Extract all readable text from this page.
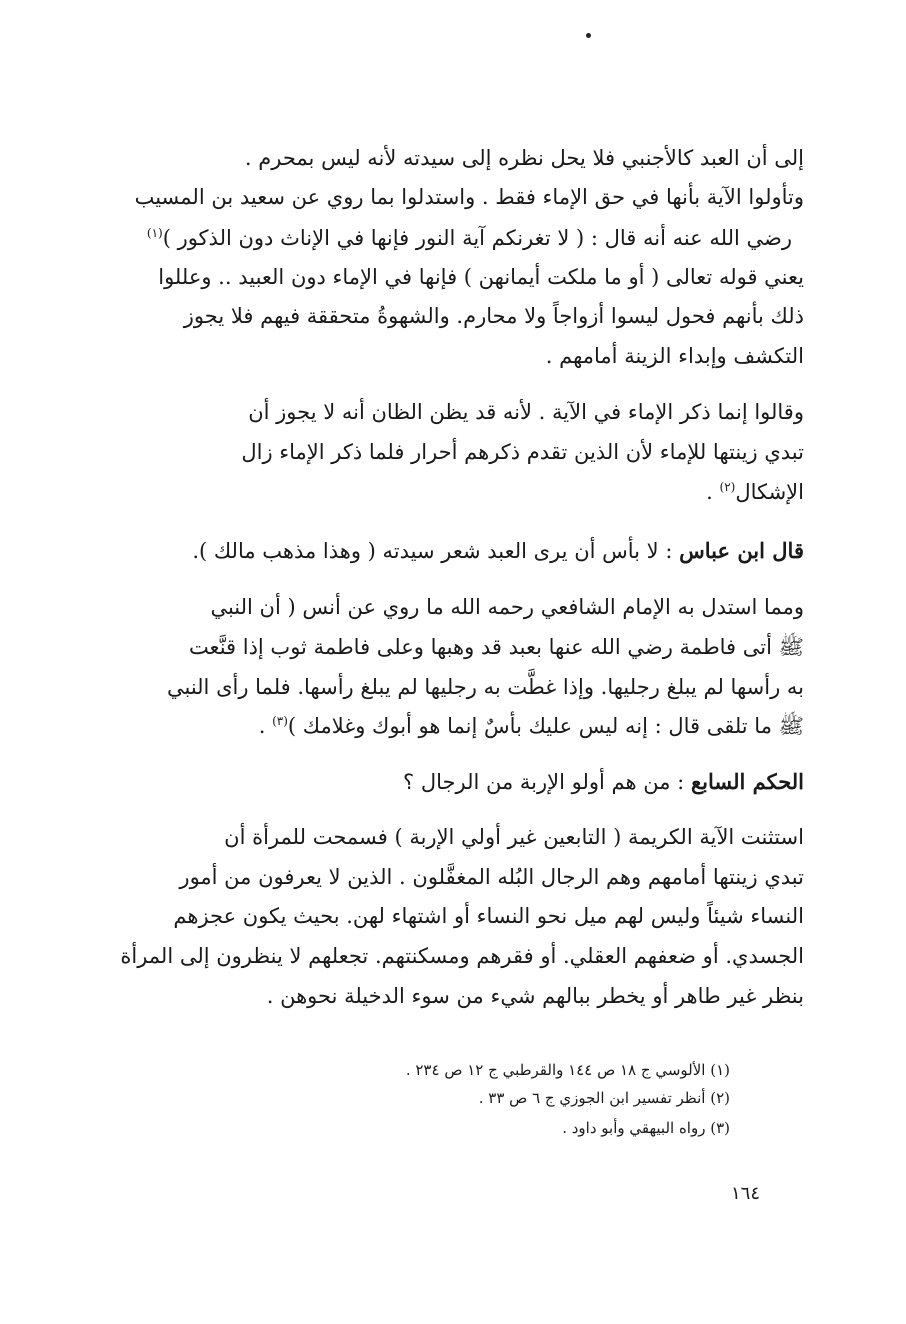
إلى أن العبد كالأجنبي فلا يحل نظره إلى سيدته لأنه ليس بمحرم .
وتأولوا الآية بأنها في حق الإماء فقط . واستدلوا بما روي عن سعيد بن المسيب
رضي الله عنه أنه قال : ( لا تغرنكم آية النور فإنها في الإناث دون الذكور )$^{(١)}$
يعني قوله تعالى ( أو ما ملكت أيمانهن ) فإنها في الإماء دون العبيد .. وعللوا
ذلك بأنهم فحول ليسوا أزواجاً ولا محارم. والشهوةُ متحققة فيهم فلا يجوز
التكشف وإبداء الزينة أمامهم .
وقالوا إنما ذكر الإماء في الآية . لأنه قد يظن الظان أنه لا يجوز أن
تبدي زينتها للإماء لأن الذين تقدم ذكرهم أحرار فلما ذكر الإماء زال
الإشكال$^{(٢)}$ .
قال ابن عباس : لا بأس أن يرى العبد شعر سيدته ( وهذا مذهب مالك ).
ومما استدل به الإمام الشافعي رحمه الله ما روي عن أنس ( أن النبي
ﷺ أتى فاطمة رضي الله عنها بعبد قد وهبها وعلى فاطمة ثوب إذا قنَّعت
به رأسها لم يبلغ رجليها. وإذا غطَّت به رجليها لم يبلغ رأسها. فلما رأى النبي
ﷺ ما تلقى قال : إنه ليس عليك بأسٌ إنما هو أبوك وغلامك )$^{(٣)}$ .
الحكم السابع : من هم أولو الإربة من الرجال ؟
استثنت الآية الكريمة ( التابعين غير أولي الإربة ) فسمحت للمرأة أن
تبدي زينتها أمامهم وهم الرجال البُله المغفَّلون . الذين لا يعرفون من أمور
النساء شيئاً وليس لهم ميل نحو النساء أو اشتهاء لهن. بحيث يكون عجزهم
الجسدي. أو ضعفهم العقلي. أو فقرهم ومسكنتهم. تجعلهم لا ينظرون إلى المرأة
بنظر غير طاهر أو يخطر ببالهم شيء من سوء الدخيلة نحوهن .
(١) الألوسي ج ١٨ ص ١٤٤ والقرطبي ج ١٢ ص ٢٣٤ .
(٢) أنظر تفسير ابن الجوزي ج ٦ ص ٣٣ .
(٣) رواه البيهقي وأبو داود .
١٦٤
